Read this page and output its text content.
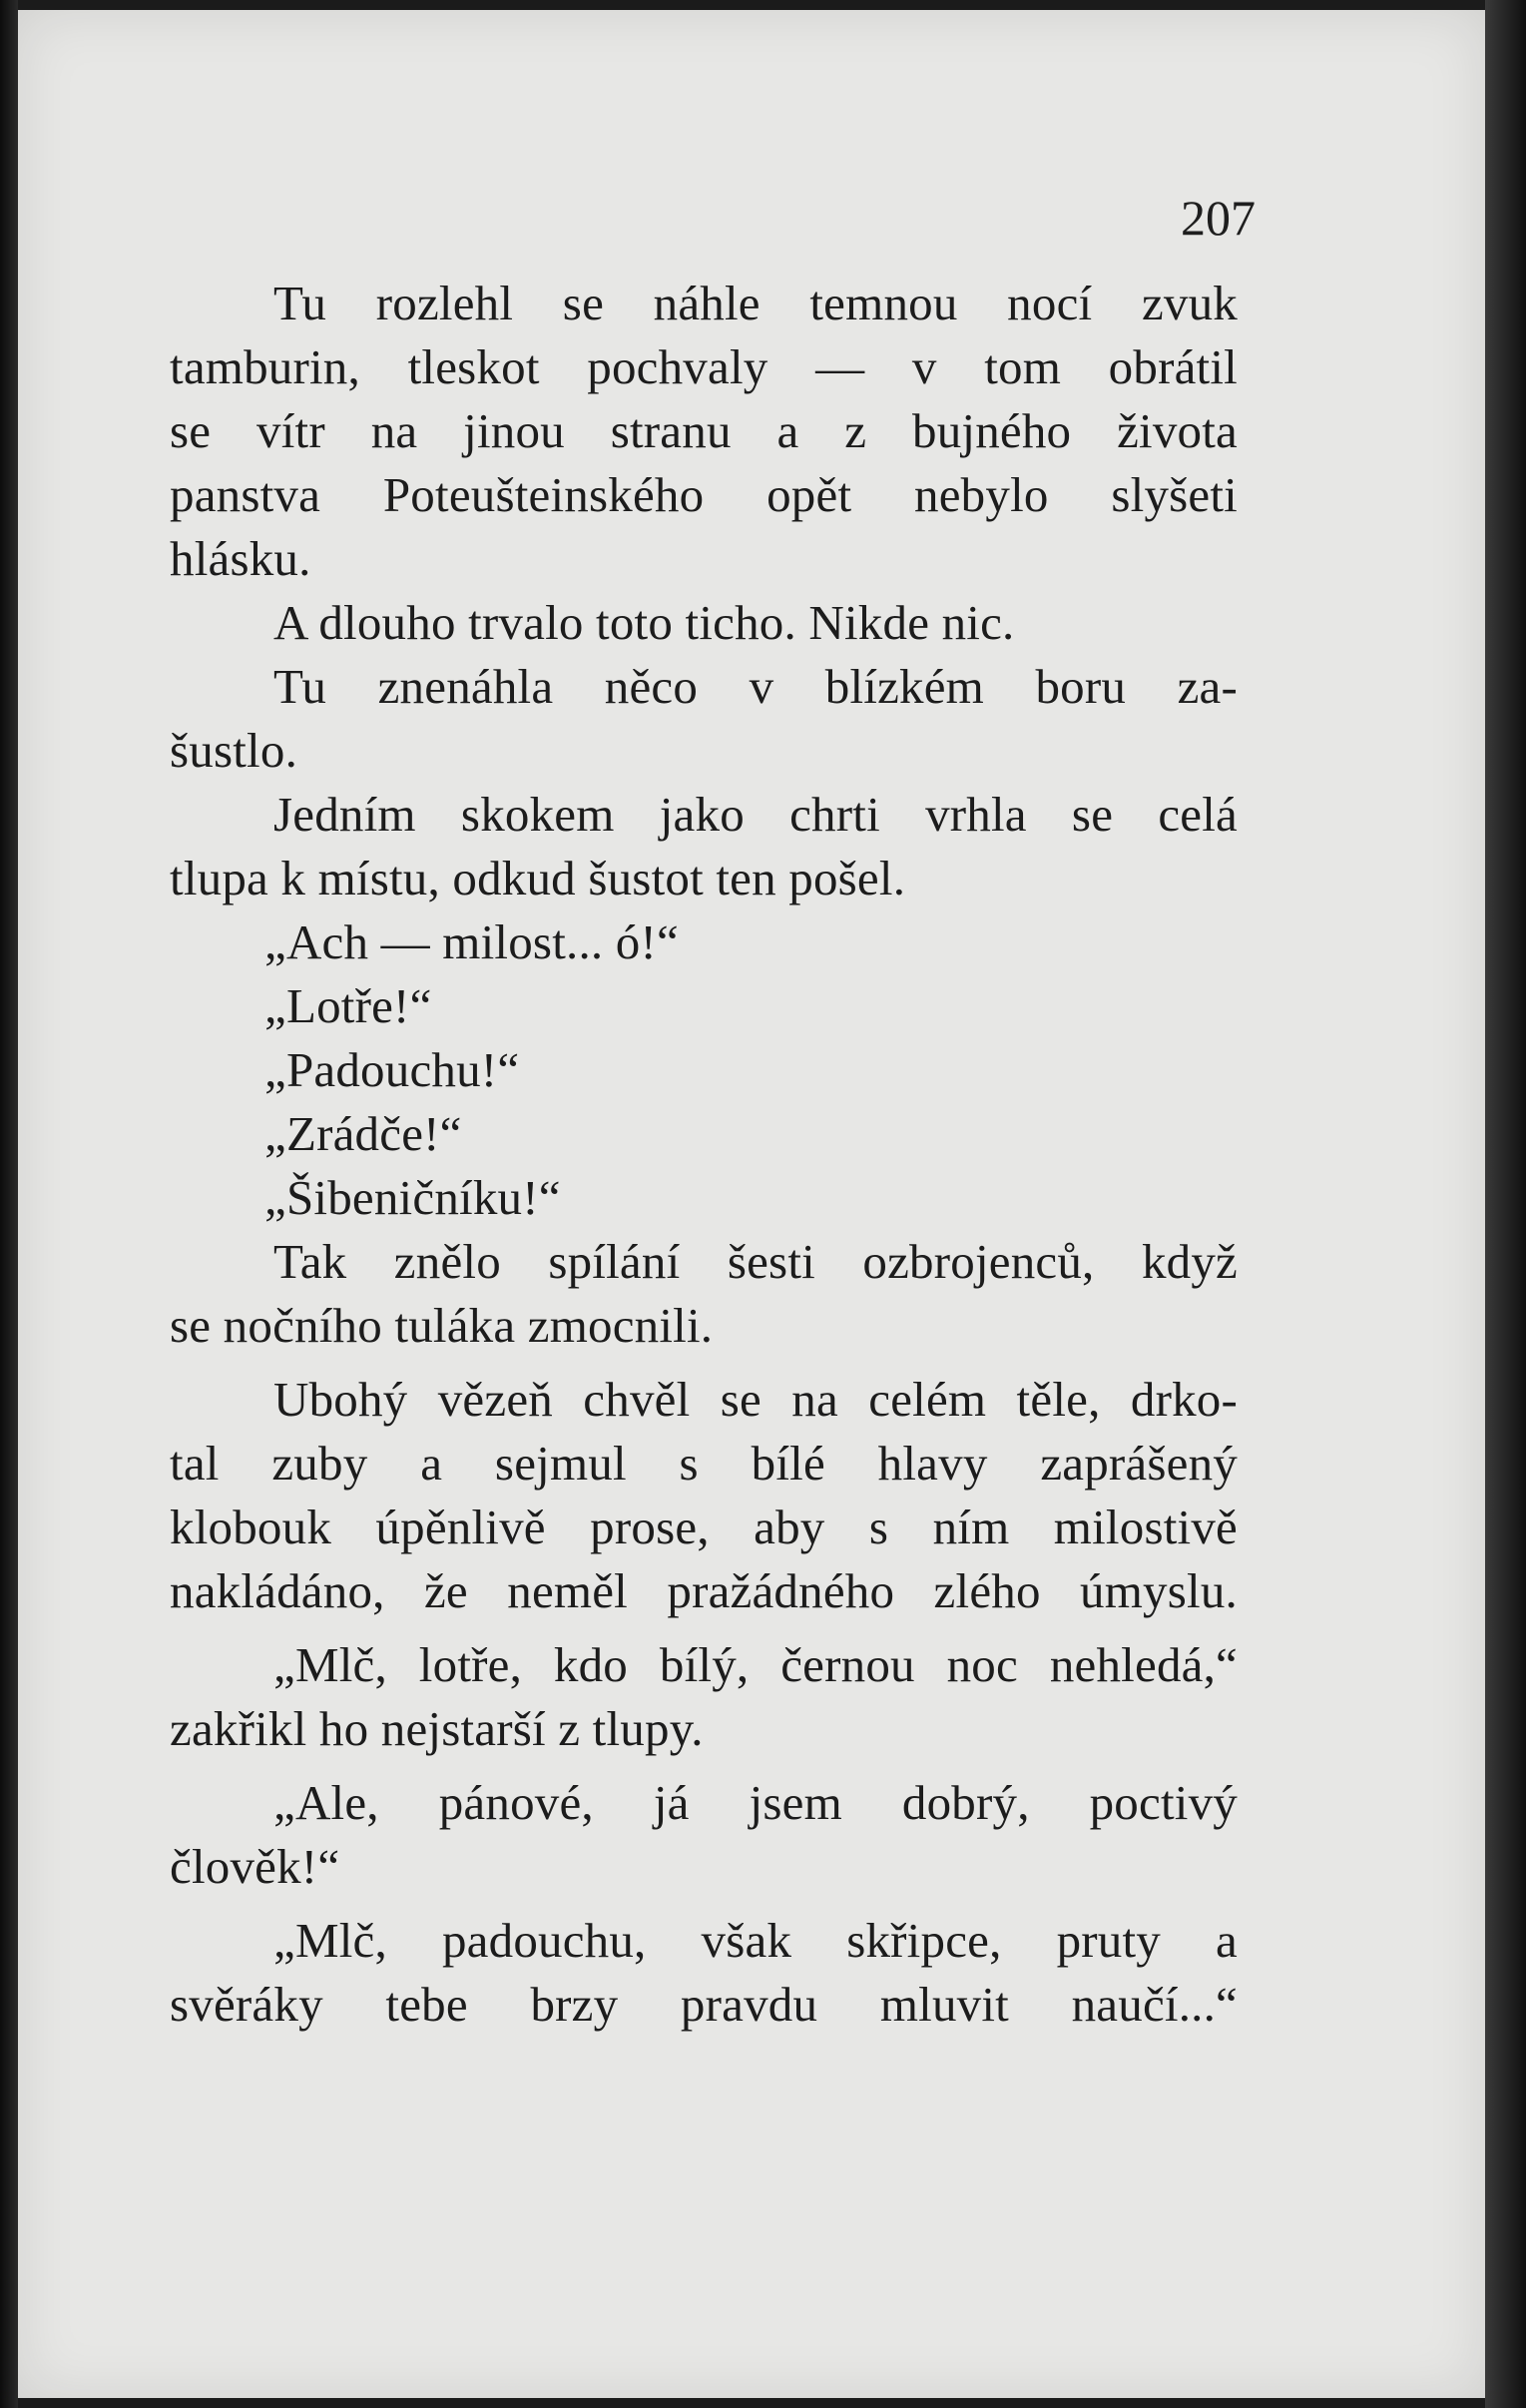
207
Tu rozlehl se náhle temnou nocí zvuk
tamburin, tleskot pochvaly — v tom obrátil
se vítr na jinou stranu a z bujného života
panstva Poteušteinského opět nebylo slyšeti
hlásku.
A dlouho trvalo toto ticho. Nikde nic.
Tu znenáhla něco v blízkém boru za-
šustlo.
Jedním skokem jako chrti vrhla se celá
tlupa k místu, odkud šustot ten pošel.
„Ach — milost... ó!“
„Lotře!“
„Padouchu!“
„Zrádče!“
„Šibeničníku!“
Tak znělo spílání šesti ozbrojenců, když
se nočního tuláka zmocnili.
Ubohý vězeň chvěl se na celém těle, drko-
tal zuby a sejmul s bílé hlavy zaprášený
klobouk úpěnlivě prose, aby s ním milostivě
nakládáno, že neměl pražádného zlého úmyslu.
„Mlč, lotře, kdo bílý, černou noc nehledá,“
zakřikl ho nejstarší z tlupy.
„Ale, pánové, já jsem dobrý, poctivý
člověk!“
„Mlč, padouchu, však skřipce, pruty a
svěráky tebe brzy pravdu mluvit naučí...“
